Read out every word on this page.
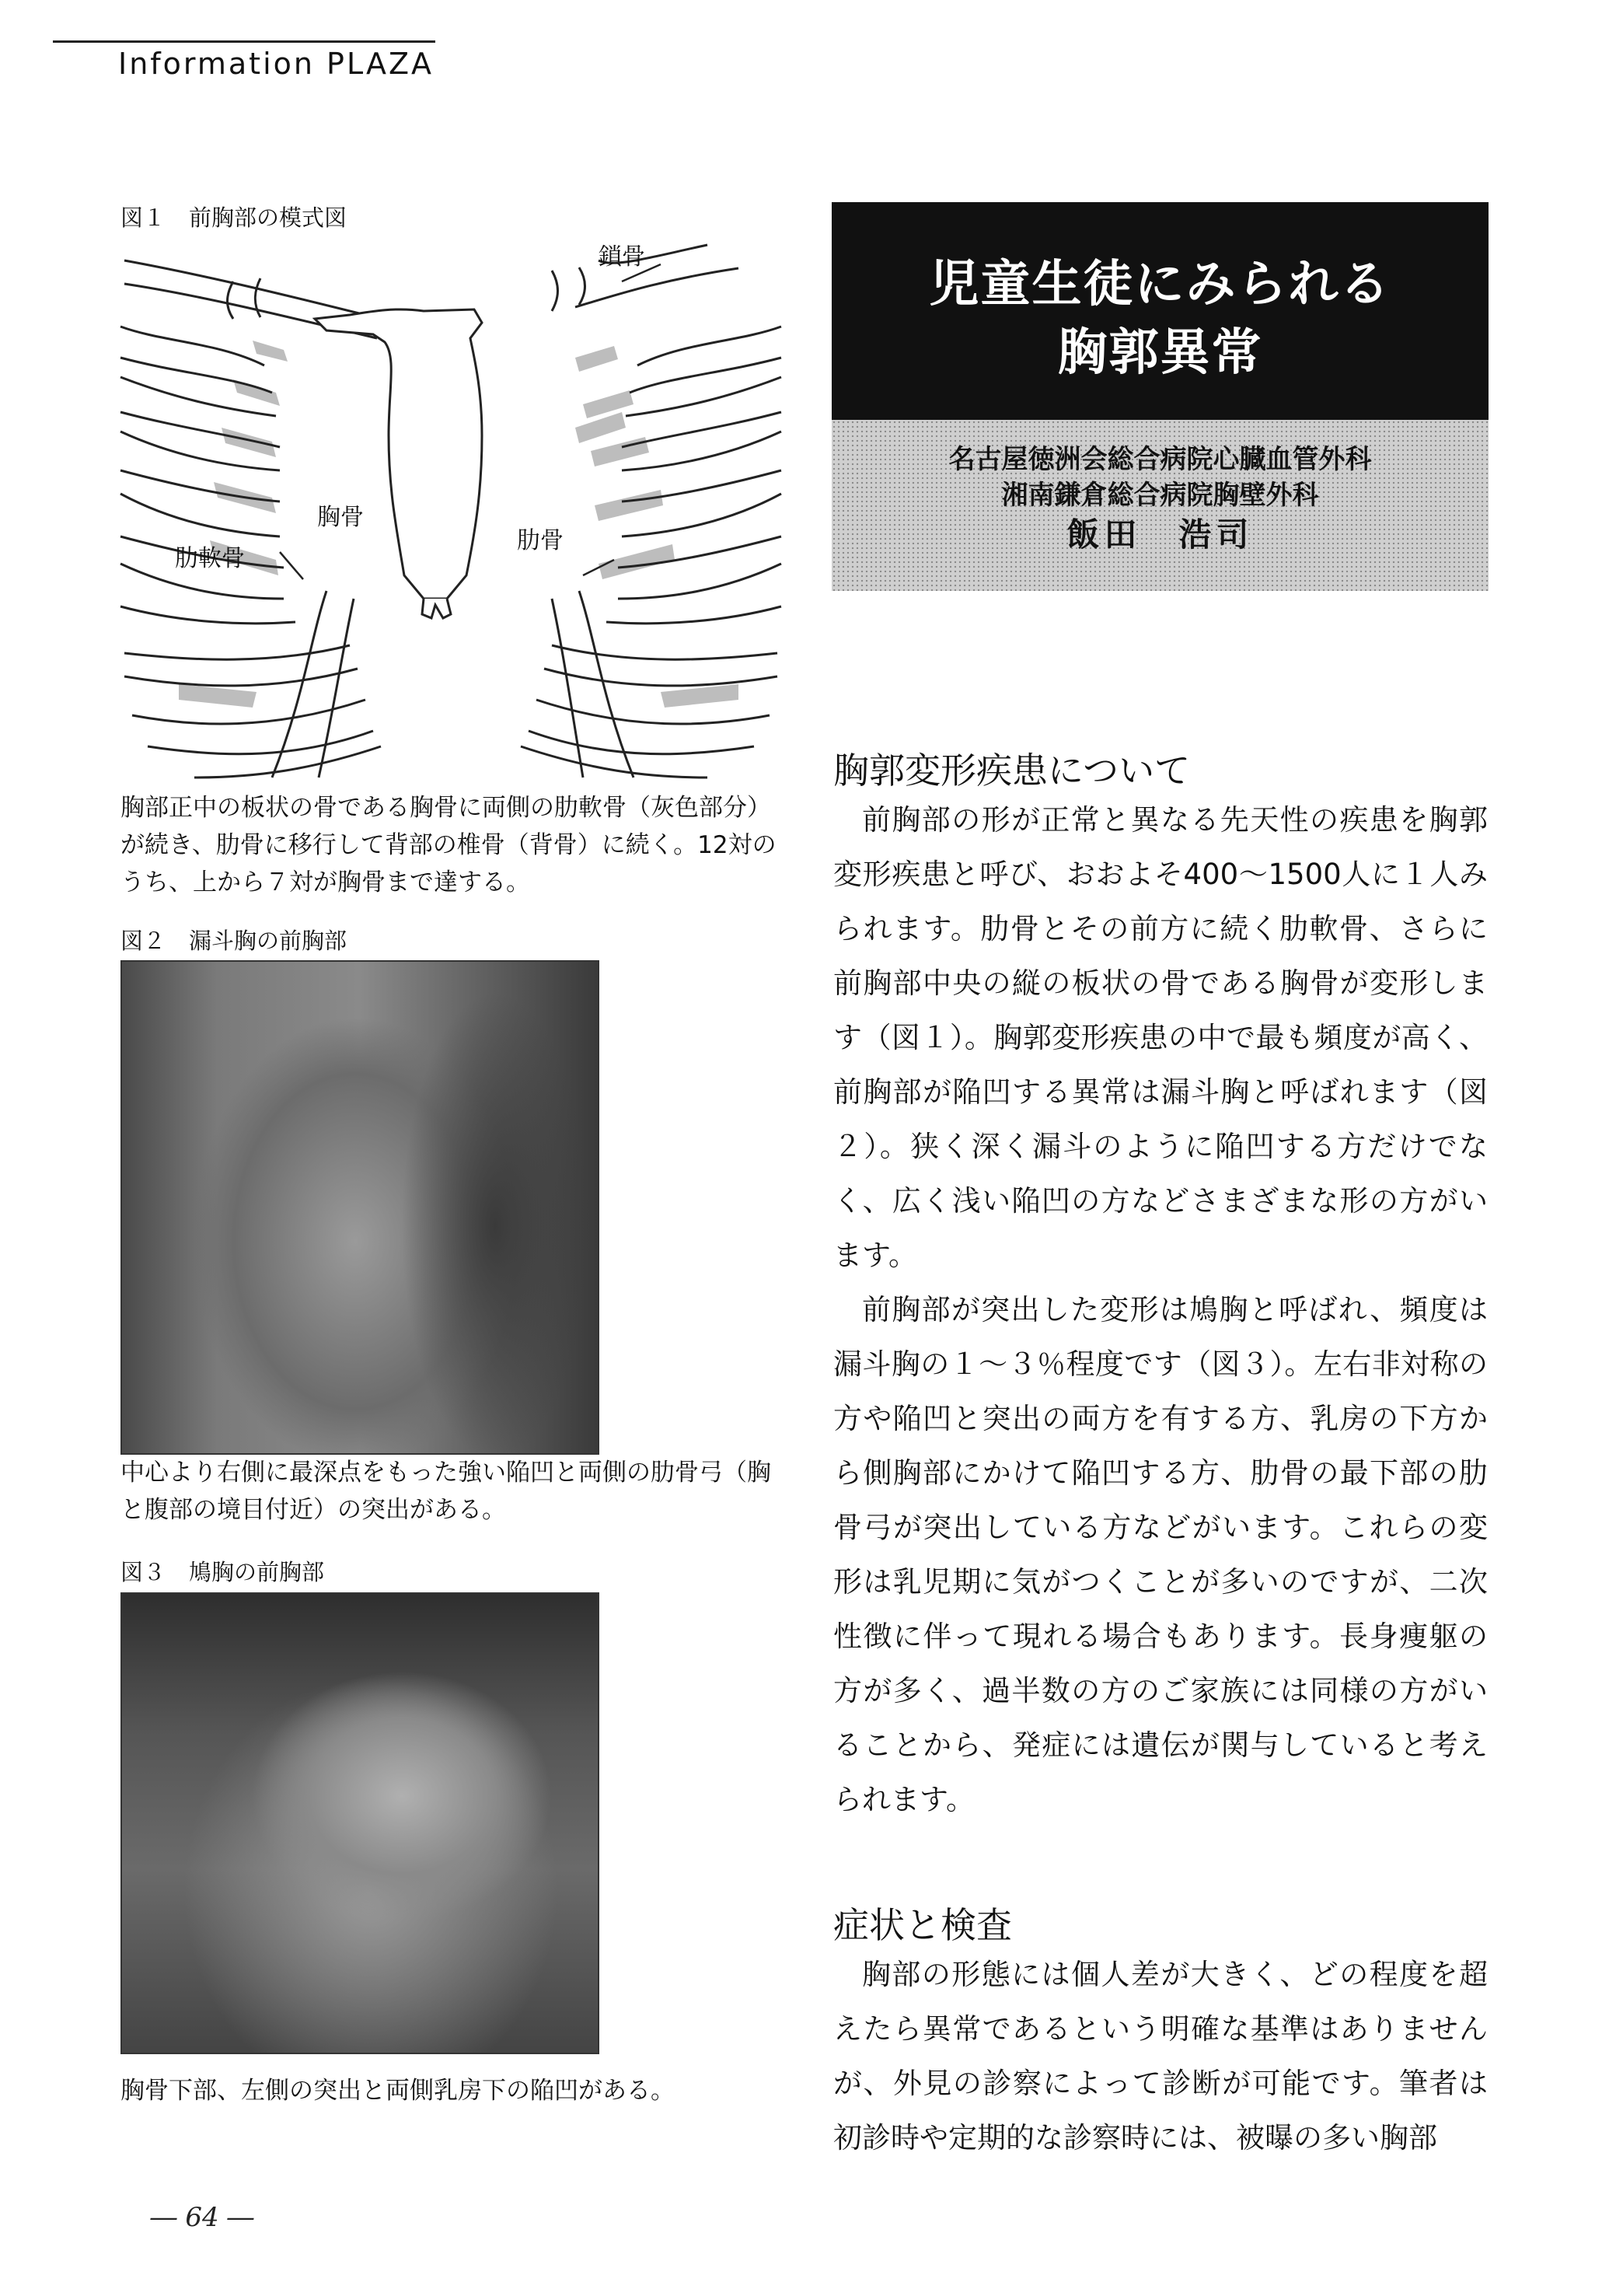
Information PLAZA
図１ 前胸部の模式図
鎖骨
胸骨
肋軟骨
肋骨
胸部正中の板状の骨である胸骨に両側の肋軟骨（灰色部分）が続き、肋骨に移行して背部の椎骨（背骨）に続く。12対のうち、上から７対が胸骨まで達する。
図２ 漏斗胸の前胸部
中心より右側に最深点をもった強い陥凹と両側の肋骨弓（胸と腹部の境目付近）の突出がある。
図３ 鳩胸の前胸部
胸骨下部、左側の突出と両側乳房下の陥凹がある。
児童生徒にみられる
胸郭異常
名古屋徳洲会総合病院心臓血管外科
湘南鎌倉総合病院胸壁外科
飯田　浩司
胸郭変形疾患について

前胸部の形が正常と異なる先天性の疾患を胸郭変形疾患と呼び、おおよそ400～1500人に１人みられます。肋骨とその前方に続く肋軟骨、さらに前胸部中央の縦の板状の骨である胸骨が変形します（図１）。胸郭変形疾患の中で最も頻度が高く、前胸部が陥凹する異常は漏斗胸と呼ばれます（図２）。狭く深く漏斗のように陥凹する方だけでなく、広く浅い陥凹の方などさまざまな形の方がいます。

前胸部が突出した変形は鳩胸と呼ばれ、頻度は漏斗胸の１～３％程度です（図３）。左右非対称の方や陥凹と突出の両方を有する方、乳房の下方から側胸部にかけて陥凹する方、肋骨の最下部の肋骨弓が突出している方などがいます。これらの変形は乳児期に気がつくことが多いのですが、二次性徴に伴って現れる場合もあります。長身痩躯の方が多く、過半数の方のご家族には同様の方がいることから、発症には遺伝が関与していると考えられます。

症状と検査

胸部の形態には個人差が大きく、どの程度を超えたら異常であるという明確な基準はありませんが、外見の診察によって診断が可能です。筆者は初診時や定期的な診察時には、被曝の多い胸部

― 64 ―
